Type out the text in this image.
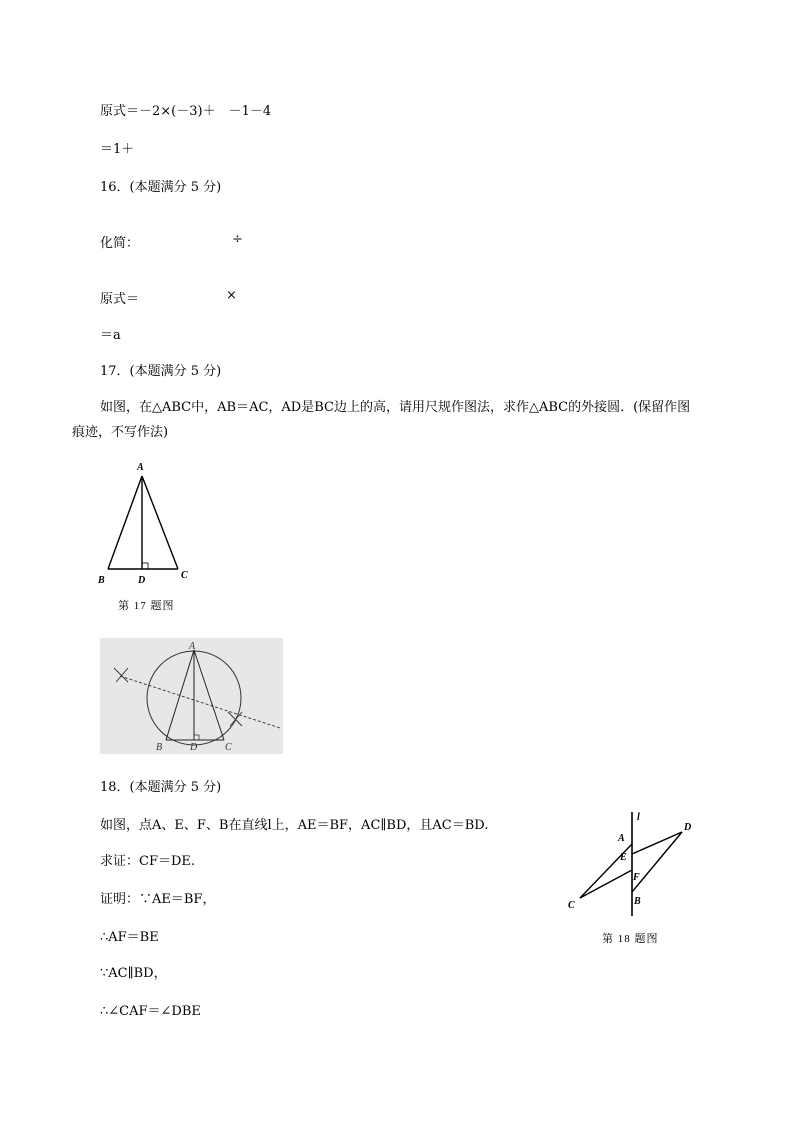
原式＝－2×(－3)＋　－1－4
＝1＋
16．(本题满分 5 分)
化简：	÷
原式＝	×
＝a
17．(本题满分 5 分)
如图，在△ABC中，AB＝AC，AD是BC边上的高，请用尺规作图法，求作△ABC的外接圆．(保留作图
痕迹，不写作法)
A
B	D	C
第 17 题图
A
B	D	C
18．(本题满分 5 分)
如图，点A、E、F、B在直线l上，AE＝BF，AC∥BD，且AC＝BD.
求证：CF＝DE.
证明：∵AE＝BF，
∴AF＝BE
∵AC∥BD，
∴∠CAF＝∠DBE
l
A
D
E
F
C	B
第 18 题图
